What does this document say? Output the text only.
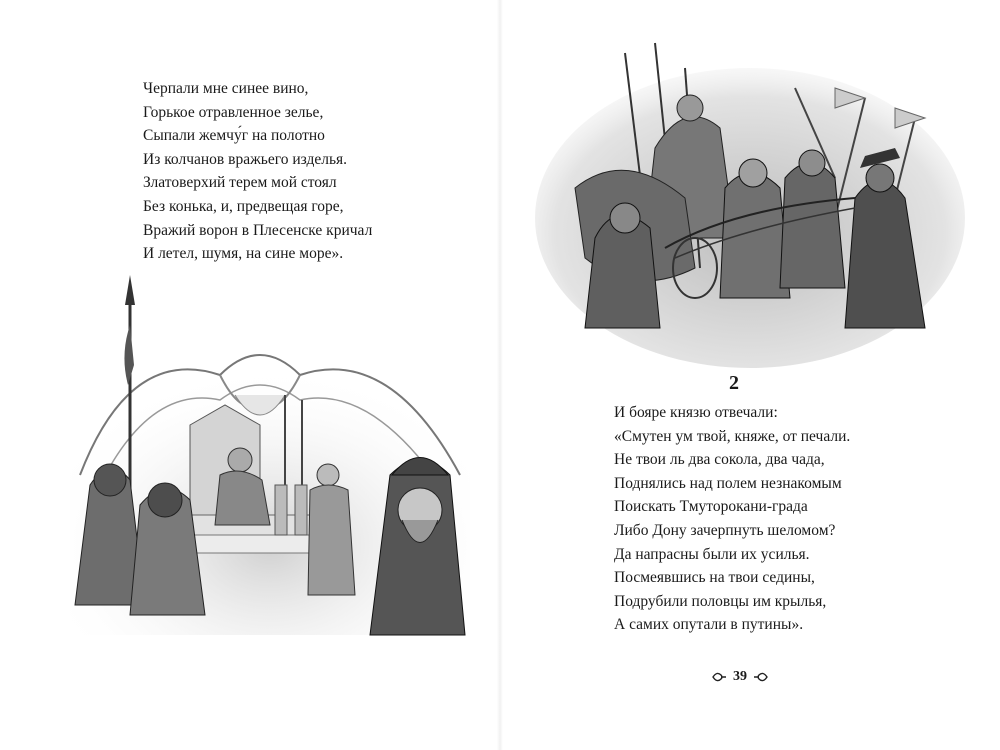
Черпали мне синее вино,
Горькое отравленное зелье,
Сыпали жемчу́г на полотно
Из колчанов вражьего изделья.
Златоверхий терем мой стоял
Без конька, и, предвещая горе,
Вражий ворон в Плесенске кричал
И летел, шумя, на сине море».
2
И бояре князю отвечали:
«Смутен ум твой, княже, от печали.
Не твои ль два сокола, два чада,
Поднялись над полем незнакомым
Поискать Тмуторокани-града
Либо Дону зачерпнуть шеломом?
Да напрасны были их усилья.
Посмеявшись на твои седины,
Подрубили половцы им крылья,
А самих опутали в путины».
39
